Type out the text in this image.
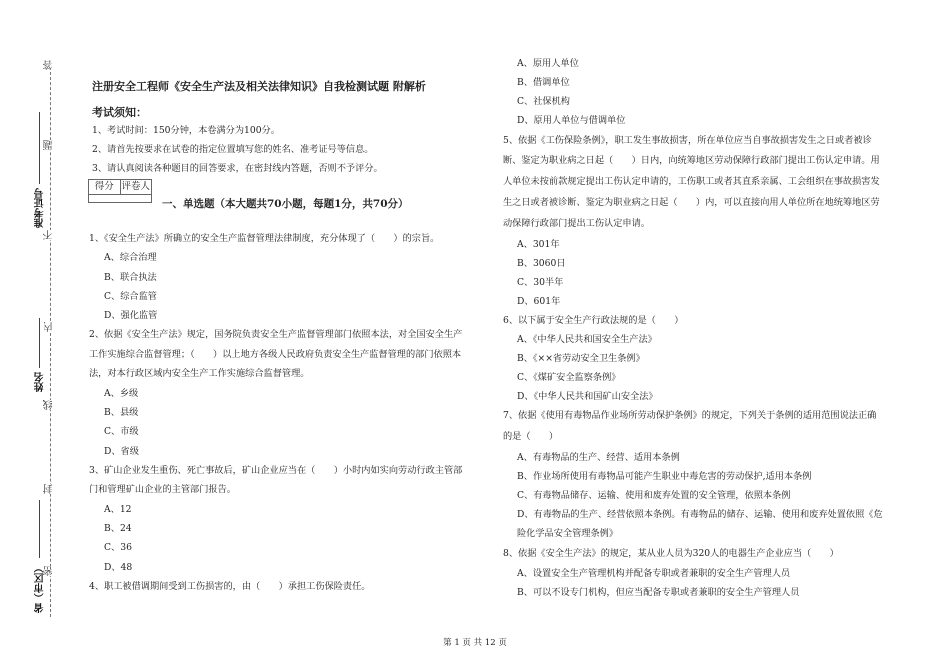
答
题
不
内
线
封
密
准考证号
姓名
省（市区）
注册安全工程师《安全生产法及相关法律知识》自我检测试题 附解析
考试须知：
1、考试时间：150分钟，本卷满分为100分。
2、请首先按要求在试卷的指定位置填写您的姓名、准考证号等信息。
3、请认真阅读各种题目的回答要求，在密封线内答题，否则不予评分。
得分 评卷人
一、单选题（本大题共70小题，每题1分，共70分）
1、《安全生产法》所确立的安全生产监督管理法律制度，充分体现了（　　）的宗旨。
A、综合治理
B、联合执法
C、综合监管
D、强化监管
2、依据《安全生产法》规定，国务院负责安全生产监督管理部门依照本法，对全国安全生产
工作实施综合监督管理；（　　）以上地方各级人民政府负责安全生产监督管理的部门依照本
法，对本行政区域内安全生产工作实施综合监督管理。
A、乡级
B、县级
C、市级
D、省级
3、矿山企业发生重伤、死亡事故后，矿山企业应当在（　　）小时内如实向劳动行政主管部
门和管理矿山企业的主管部门报告。
A、12
B、24
C、36
D、48
4、职工被借调期间受到工伤损害的，由（　　）承担工伤保险责任。
A、原用人单位
B、借调单位
C、社保机构
D、原用人单位与借调单位
5、依据《工伤保险条例》，职工发生事故损害，所在单位应当自事故损害发生之日或者被诊
断、鉴定为职业病之日起（　　）日内，向统筹地区劳动保障行政部门提出工伤认定申请。用
人单位未按前款规定提出工伤认定申请的，工伤职工或者其直系亲属、工会组织在事故损害发
生之日或者被诊断、鉴定为职业病之日起（　　）内，可以直接向用人单位所在地统筹地区劳
动保障行政部门提出工伤认定申请。
A、301年
B、3060日
C、30半年
D、601年
6、以下属于安全生产行政法规的是（　　）
A、《中华人民共和国安全生产法》
B、《××省劳动安全卫生条例》
C、《煤矿安全监察条例》
D、《中华人民共和国矿山安全法》
7、依据《使用有毒物品作业场所劳动保护条例》的规定，下列关于条例的适用范围说法正确
的是（　　）
A、有毒物品的生产、经营、适用本条例
B、作业场所使用有毒物品可能产生职业中毒危害的劳动保护,适用本条例
C、有毒物品储存、运输、使用和废弃处置的安全管理，依照本条例
D、有毒物品的生产、经营依照本条例。有毒物品的储存、运输、使用和废弃处置依照《危
险化学品安全管理条例》
8、依据《安全生产法》的规定，某从业人员为320人的电器生产企业应当（　　）
A、设置安全生产管理机构并配备专职或者兼职的安全生产管理人员
B、可以不设专门机构，但应当配备专职或者兼职的安全生产管理人员
第 1 页 共 12 页
